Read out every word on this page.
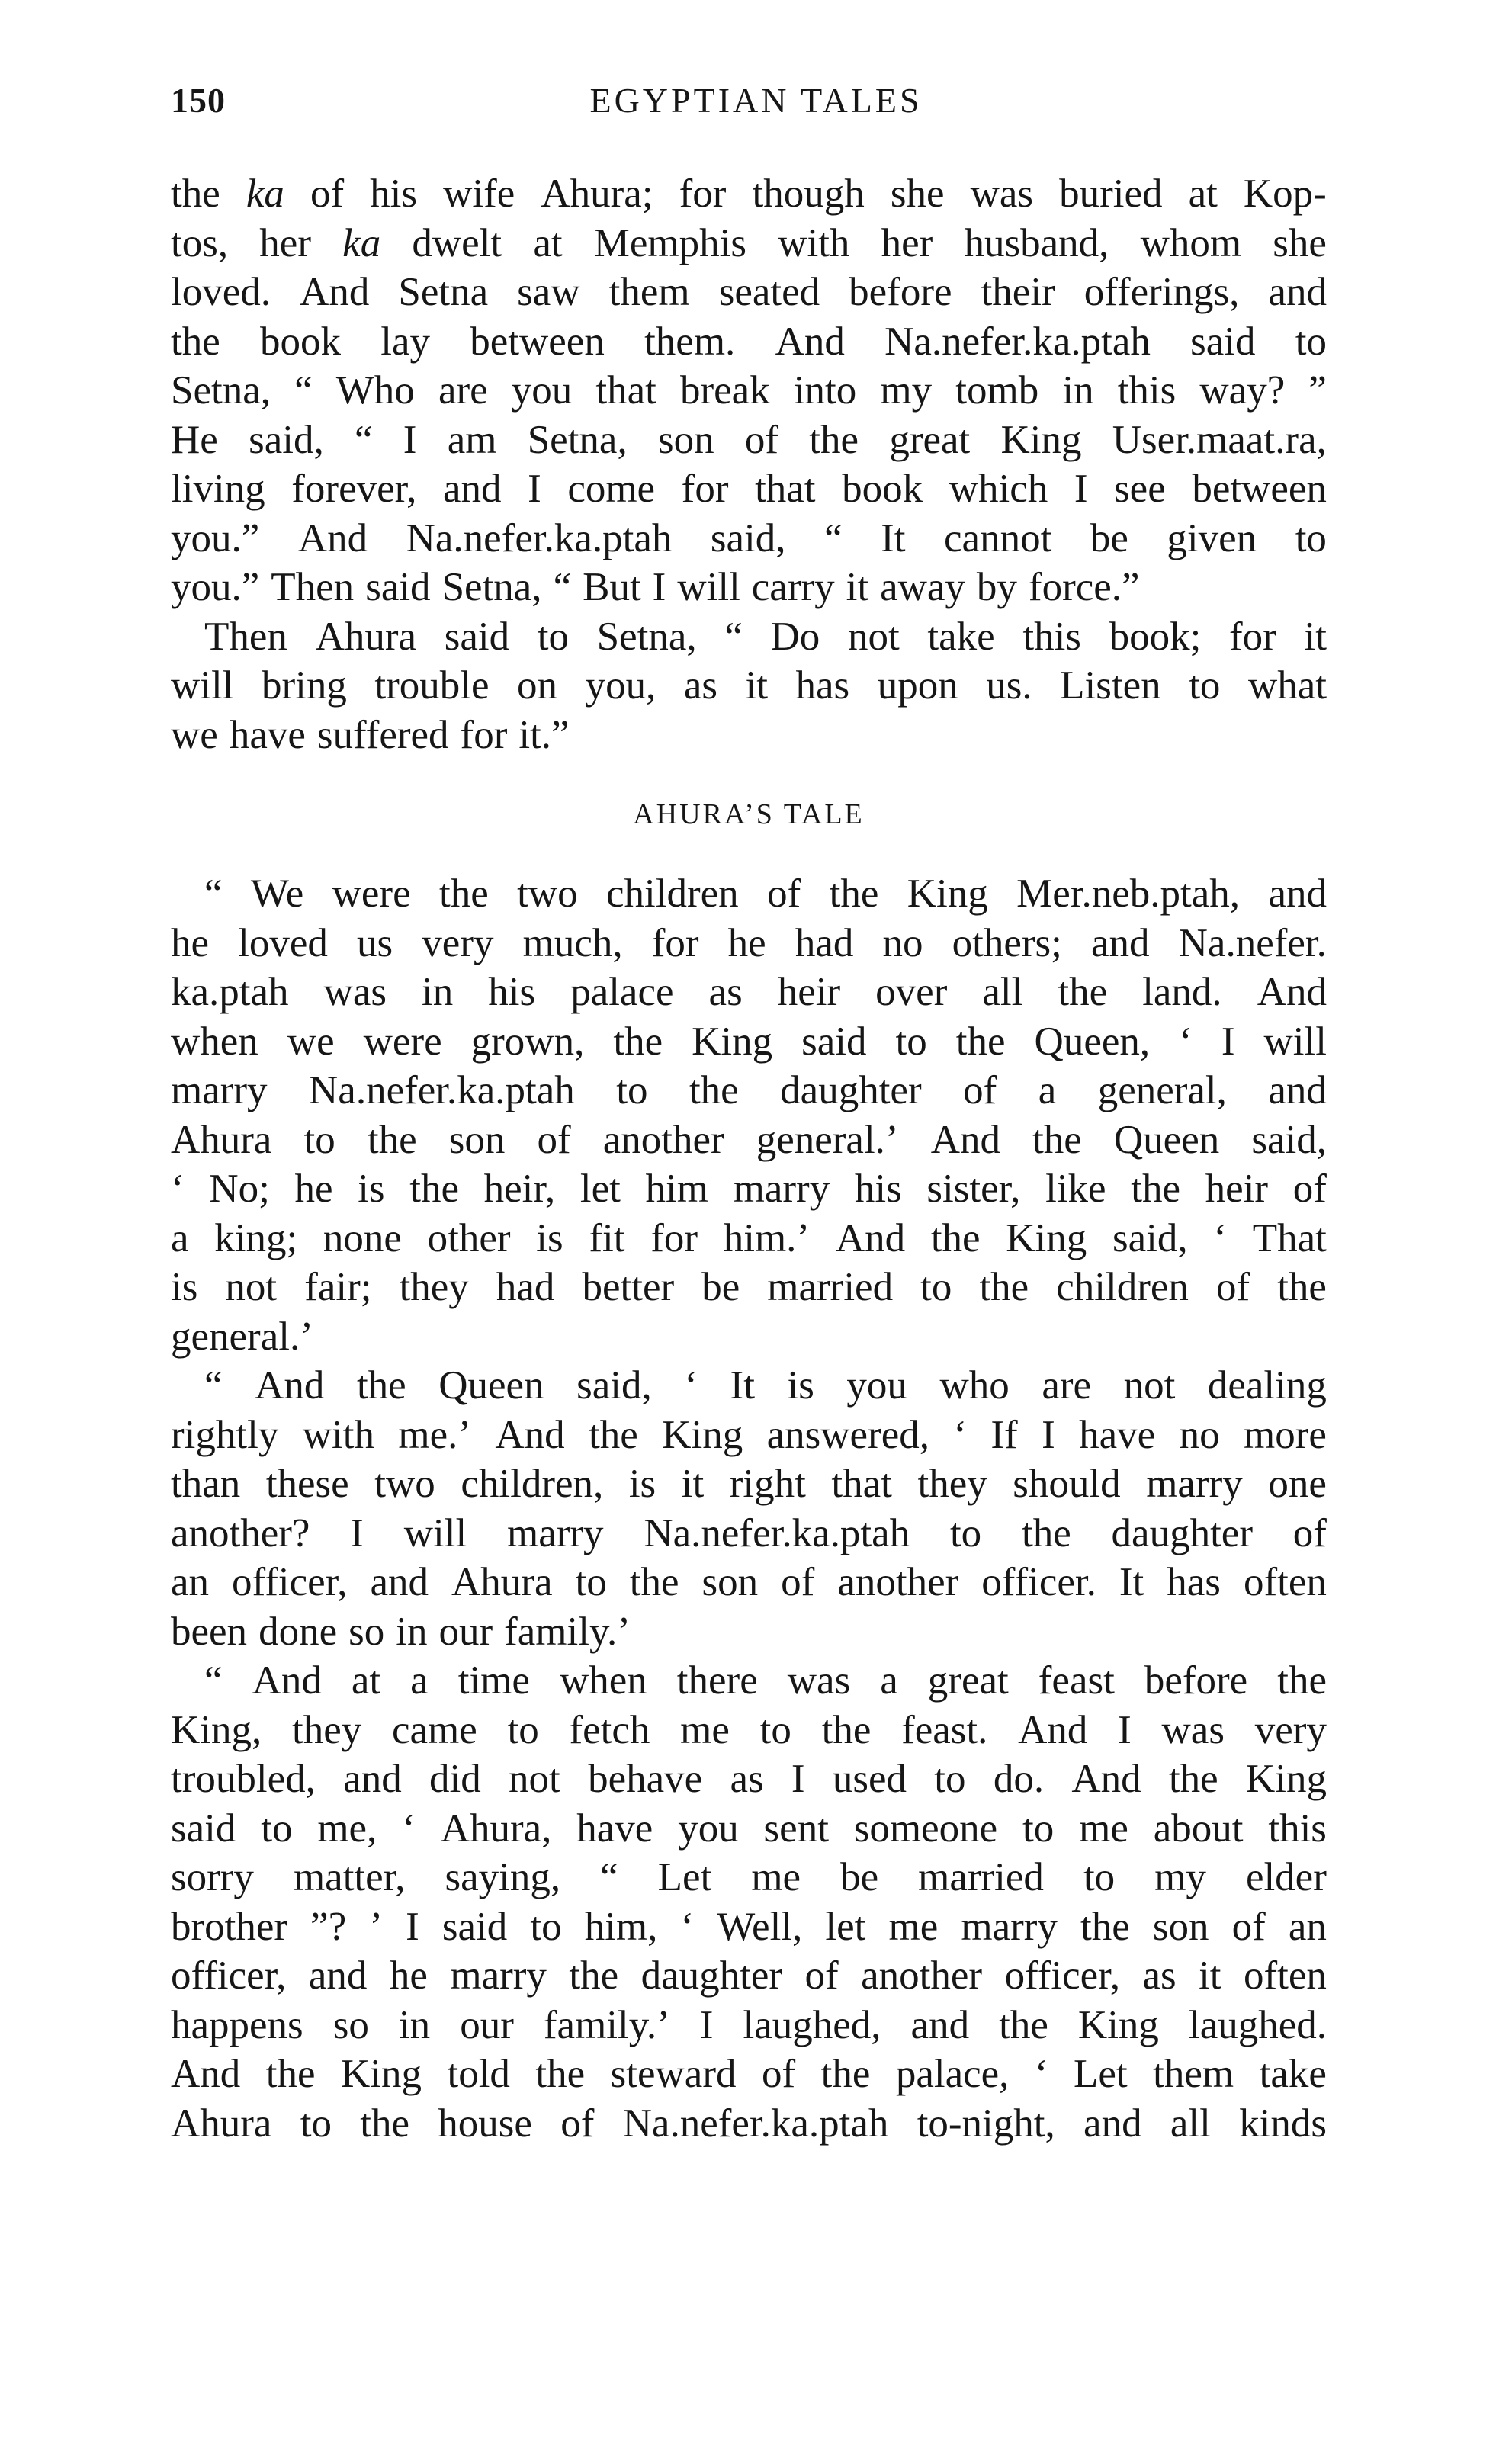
150	EGYPTIAN TALES
the ka of his wife Ahura; for though she was buried at Kop-
tos, her ka dwelt at Memphis with her husband, whom she
loved. And Setna saw them seated before their offerings, and
the book lay between them. And Na.nefer.ka.ptah said to
Setna, “ Who are you that break into my tomb in this way? ”
He said, “ I am Setna, son of the great King User.maat.ra,
living forever, and I come for that book which I see between
you.” And Na.nefer.ka.ptah said, “ It cannot be given to
you.” Then said Setna, “ But I will carry it away by force.”
Then Ahura said to Setna, “ Do not take this book; for it
will bring trouble on you, as it has upon us. Listen to what
we have suffered for it.”
AHURA’S TALE
“ We were the two children of the King Mer.neb.ptah, and
he loved us very much, for he had no others; and Na.nefer.
ka.ptah was in his palace as heir over all the land. And
when we were grown, the King said to the Queen, ‘ I will
marry Na.nefer.ka.ptah to the daughter of a general, and
Ahura to the son of another general.’ And the Queen said,
‘ No; he is the heir, let him marry his sister, like the heir of
a king; none other is fit for him.’ And the King said, ‘ That
is not fair; they had better be married to the children of the
general.’
“ And the Queen said, ‘ It is you who are not dealing
rightly with me.’ And the King answered, ‘ If I have no more
than these two children, is it right that they should marry one
another? I will marry Na.nefer.ka.ptah to the daughter of
an officer, and Ahura to the son of another officer. It has often
been done so in our family.’
“ And at a time when there was a great feast before the
King, they came to fetch me to the feast. And I was very
troubled, and did not behave as I used to do. And the King
said to me, ‘ Ahura, have you sent someone to me about this
sorry matter, saying, “ Let me be married to my elder
brother ”? ’ I said to him, ‘ Well, let me marry the son of an
officer, and he marry the daughter of another officer, as it often
happens so in our family.’ I laughed, and the King laughed.
And the King told the steward of the palace, ‘ Let them take
Ahura to the house of Na.nefer.ka.ptah to-night, and all kinds
